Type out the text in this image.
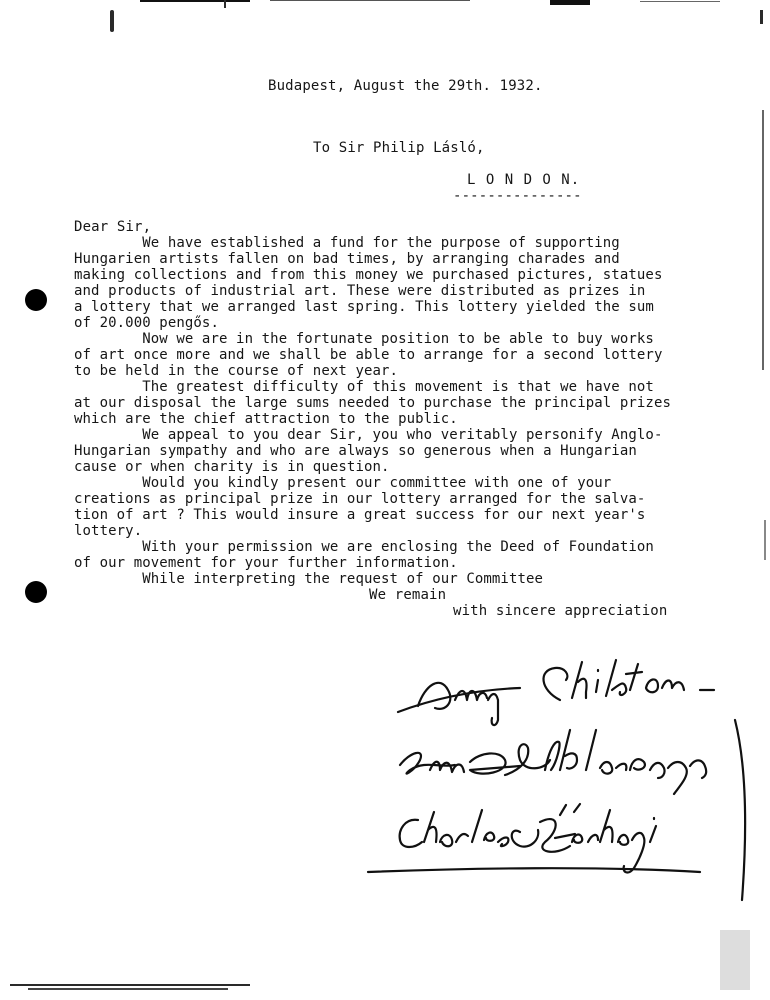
Budapest, August the 29th. 1932.
To Sir Philip Lásló,
L O N D O N.
---------------
Dear Sir,
We have established a fund for the purpose of supporting
Hungarien artists fallen on bad times, by arranging charades and
making collections and from this money we purchased pictures, statues
and products of industrial art. These were distributed as prizes in
a lottery that we arranged last spring. This lottery yielded the sum
of 20.000 pengős.
Now we are in the fortunate position to be able to buy works
of art once more and we shall be able to arrange for a second lottery
to be held in the course of next year.
The greatest difficulty of this movement is that we have not
at our disposal the large sums needed to purchase the principal prizes
which are the chief attraction to the public.
We appeal to you dear Sir, you who veritably personify Anglo-
Hungarian sympathy and who are always so generous when a Hungarian
cause or when charity is in question.
Would you kindly present our committee with one of your
creations as principal prize in our lottery arranged for the salva-
tion of art ? This would insure a great success for our next year's
lottery.
With your permission we are enclosing the Deed of Foundation
of our movement for your further information.
While interpreting the request of our Committee
We remain
with sincere appreciation
